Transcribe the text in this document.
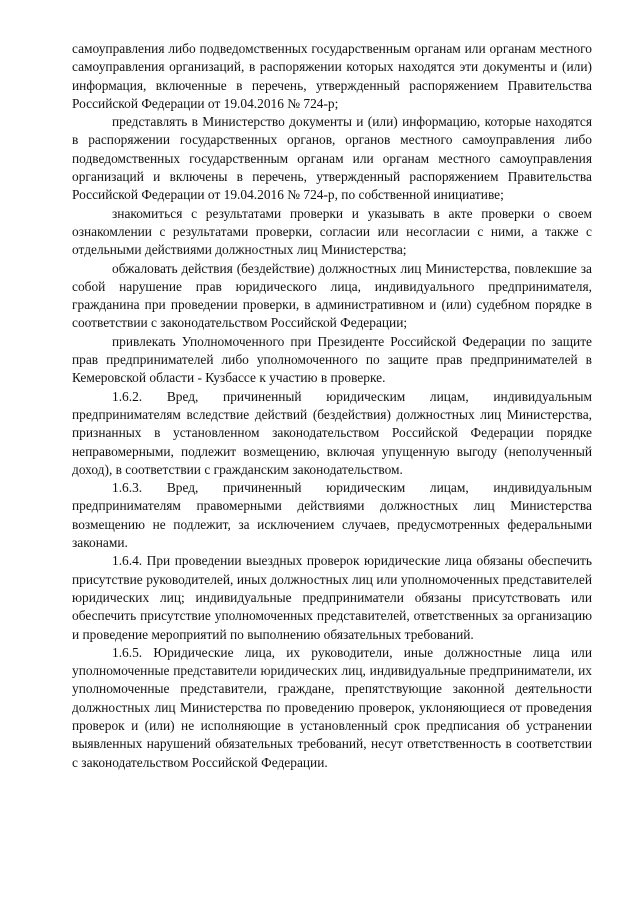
самоуправления либо подведомственных государственным органам или органам местного самоуправления организаций, в распоряжении которых находятся эти документы и (или) информация, включенные в перечень, утвержденный распоряжением Правительства Российской Федерации от 19.04.2016 № 724-р;

представлять в Министерство документы и (или) информацию, которые находятся в распоряжении государственных органов, органов местного самоуправления либо подведомственных государственным органам или органам местного самоуправления организаций и включены в перечень, утвержденный распоряжением Правительства Российской Федерации от 19.04.2016 № 724-р, по собственной инициативе;

знакомиться с результатами проверки и указывать в акте проверки о своем ознакомлении с результатами проверки, согласии или несогласии с ними, а также с отдельными действиями должностных лиц Министерства;

обжаловать действия (бездействие) должностных лиц Министерства, повлекшие за собой нарушение прав юридического лица, индивидуального предпринимателя, гражданина при проведении проверки, в административном и (или) судебном порядке в соответствии с законодательством Российской Федерации;

привлекать Уполномоченного при Президенте Российской Федерации по защите прав предпринимателей либо уполномоченного по защите прав предпринимателей в Кемеровской области - Кузбассе к участию в проверке.

1.6.2. Вред, причиненный юридическим лицам, индивидуальным предпринимателям вследствие действий (бездействия) должностных лиц Министерства, признанных в установленном законодательством Российской Федерации порядке неправомерными, подлежит возмещению, включая упущенную выгоду (неполученный доход), в соответствии с гражданским законодательством.

1.6.3. Вред, причиненный юридическим лицам, индивидуальным предпринимателям правомерными действиями должностных лиц Министерства возмещению не подлежит, за исключением случаев, предусмотренных федеральными законами.

1.6.4. При проведении выездных проверок юридические лица обязаны обеспечить присутствие руководителей, иных должностных лиц или уполномоченных представителей юридических лиц; индивидуальные предприниматели обязаны присутствовать или обеспечить присутствие уполномоченных представителей, ответственных за организацию и проведение мероприятий по выполнению обязательных требований.

1.6.5. Юридические лица, их руководители, иные должностные лица или уполномоченные представители юридических лиц, индивидуальные предприниматели, их уполномоченные представители, граждане, препятствующие законной деятельности должностных лиц Министерства по проведению проверок, уклоняющиеся от проведения проверок и (или) не исполняющие в установленный срок предписания об устранении выявленных нарушений обязательных требований, несут ответственность в соответствии с законодательством Российской Федерации.
